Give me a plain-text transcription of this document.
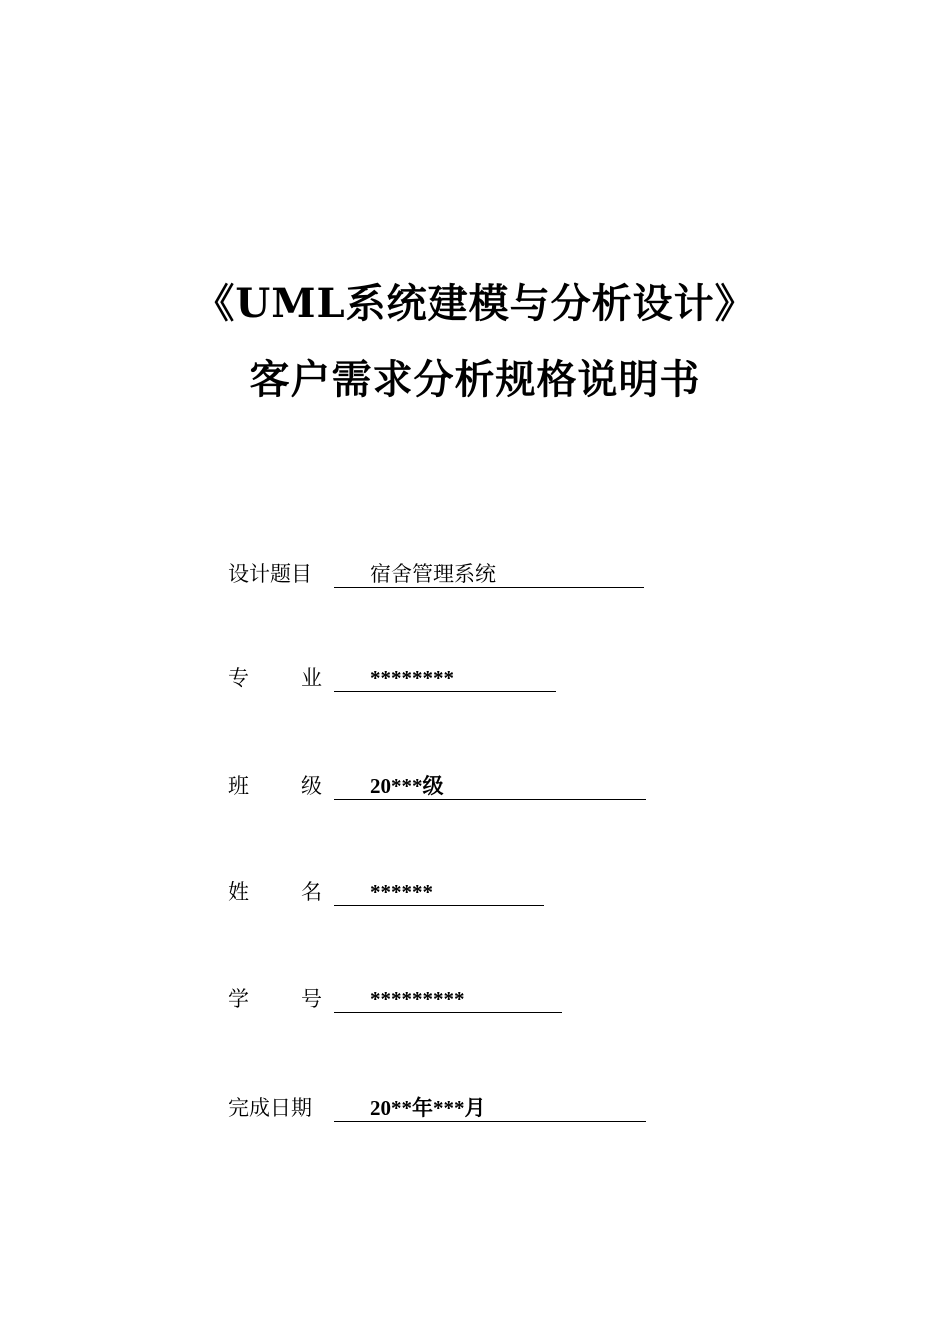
《UML系统建模与分析设计》
客户需求分析规格说明书
设计题目	宿舍管理系统
专 业	********
班 级	20***级
姓 名	******
学 号	*********
完成日期	20**年***月
